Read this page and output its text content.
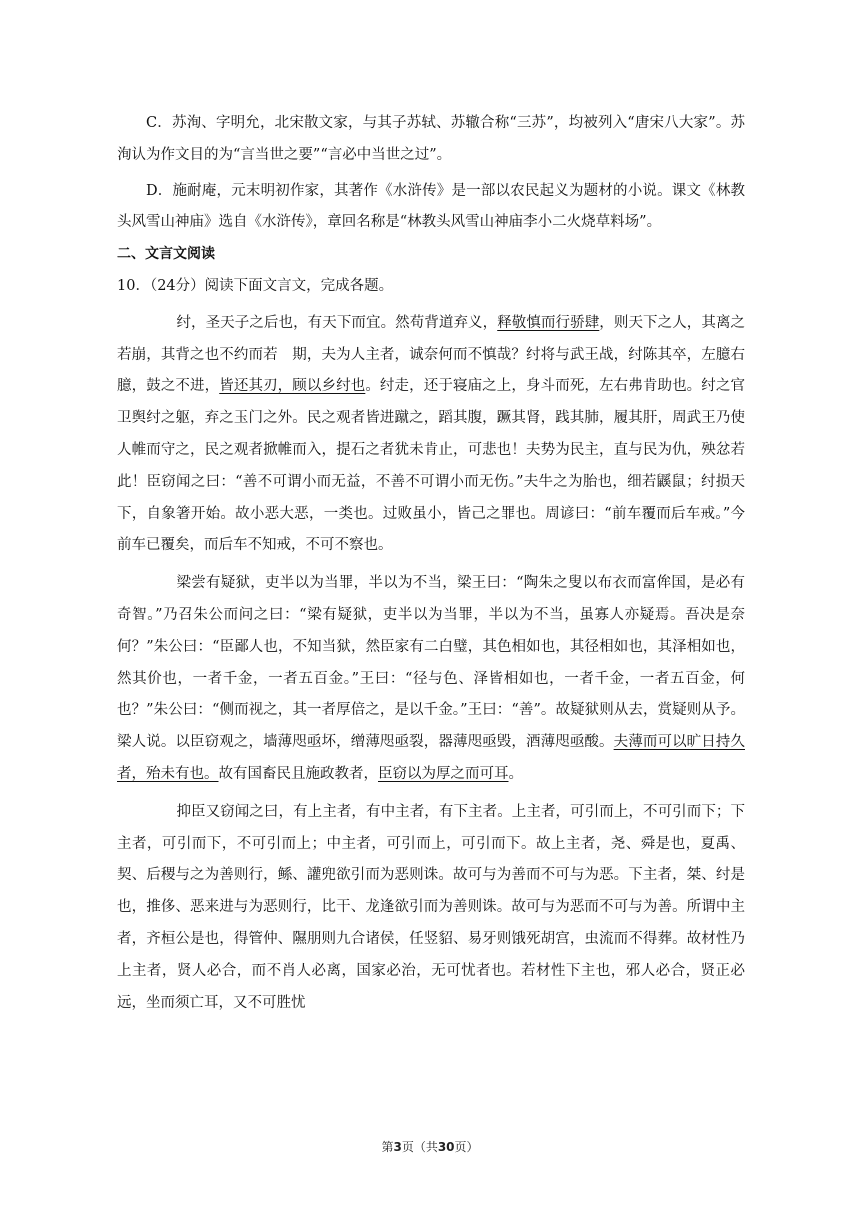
C．苏洵、字明允，北宋散文家，与其子苏轼、苏辙合称“三苏”，均被列入“唐宋八大家”。苏洵认为作文目的为“言当世之要”“言必中当世之过”。

D．施耐庵，元末明初作家，其著作《水浒传》是一部以农民起义为题材的小说。课文《林教头风雪山神庙》选自《水浒传》，章回名称是“林教头风雪山神庙李小二火烧草料场”。

二、文言文阅读

10．（24分）阅读下面文言文，完成各题。

纣，圣天子之后也，有天下而宜。然苟背道弃义，释敬慎而行骄肆，则天下之人，其离之若崩，其背之也不约而若　期，夫为人主者，诚奈何而不慎哉？纣将与武王战，纣陈其卒，左臆右臆，鼓之不进，皆还其刃，顾以乡纣也。纣走，还于寝庙之上，身斗而死，左右弗肯助也。纣之官卫舆纣之躯，弃之玉门之外。民之观者皆进蹴之，蹈其腹，蹶其肾，践其肺，履其肝，周武王乃使人帷而守之，民之观者掀帷而入，提石之者犹未肯止，可悲也！夫势为民主，直与民为仇，殃忿若此！臣窃闻之曰：“善不可谓小而无益，不善不可谓小而无伤。”夫牛之为胎也，细若鼷鼠；纣损天下，自象箸开始。故小恶大恶，一类也。过败虽小，皆己之罪也。周谚曰：“前车覆而后车戒。”今前车已覆矣，而后车不知戒，不可不察也。

梁尝有疑狱，吏半以为当罪，半以为不当，梁王曰：“陶朱之叟以布衣而富侔国，是必有奇智。”乃召朱公而问之曰：“梁有疑狱，吏半以为当罪，半以为不当，虽寡人亦疑焉。吾决是奈何？”朱公曰：“臣鄙人也，不知当狱，然臣家有二白璧，其色相如也，其径相如也，其泽相如也，然其价也，一者千金，一者五百金。”王曰：“径与色、泽皆相如也，一者千金，一者五百金，何也？”朱公曰：“侧而视之，其一者厚倍之，是以千金。”王曰：“善”。故疑狱则从去，赏疑则从予。梁人说。以臣窃观之，墙薄咫亟坏，缯薄咫亟裂，器薄咫亟毁，酒薄咫亟酸。夫薄而可以旷日持久者，殆未有也。故有国畜民且施政教者，臣窃以为厚之而可耳。

抑臣又窃闻之曰，有上主者，有中主者，有下主者。上主者，可引而上，不可引而下；下主者，可引而下，不可引而上；中主者，可引而上，可引而下。故上主者，尧、舜是也，夏禹、契、后稷与之为善则行，鲧、讙兜欲引而为恶则诛。故可与为善而不可与为恶。下主者，桀、纣是也，推侈、恶来进与为恶则行，比干、龙逢欲引而为善则诛。故可与为恶而不可与为善。所谓中主者，齐桓公是也，得管仲、隰朋则九合诸侯，任竖貂、易牙则饿死胡宫，虫流而不得葬。故材性乃上主者，贤人必合，而不肖人必离，国家必治，无可忧者也。若材性下主也，邪人必合，贤正必远，坐而须亡耳，又不可胜忧

第3页（共30页）
